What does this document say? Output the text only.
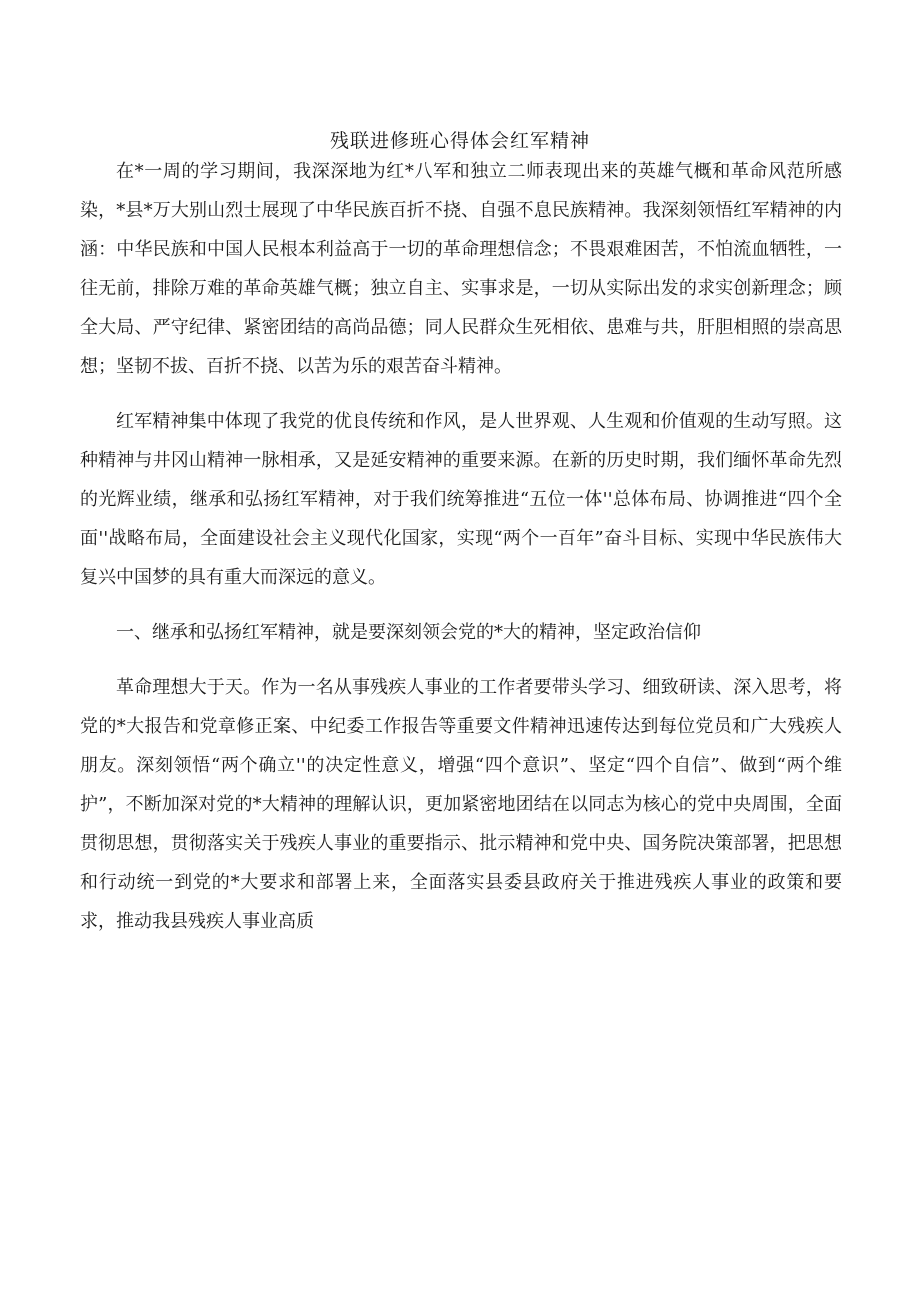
残联进修班心得体会红军精神

在*一周的学习期间，我深深地为红*八军和独立二师表现出来的英雄气概和革命风范所感染，*县*万大别山烈士展现了中华民族百折不挠、自强不息民族精神。我深刻领悟红军精神的内涵：中华民族和中国人民根本利益高于一切的革命理想信念；不畏艰难困苦，不怕流血牺牲，一往无前，排除万难的革命英雄气概；独立自主、实事求是，一切从实际出发的求实创新理念；顾全大局、严守纪律、紧密团结的高尚品德；同人民群众生死相依、患难与共，肝胆相照的崇高思想；坚韧不拔、百折不挠、以苦为乐的艰苦奋斗精神。

红军精神集中体现了我党的优良传统和作风，是人世界观、人生观和价值观的生动写照。这种精神与井冈山精神一脉相承，又是延安精神的重要来源。在新的历史时期，我们缅怀革命先烈的光辉业绩，继承和弘扬红军精神，对于我们统筹推进“五位一体''总体布局、协调推进“四个全面''战略布局，全面建设社会主义现代化国家，实现“两个一百年”奋斗目标、实现中华民族伟大复兴中国梦的具有重大而深远的意义。

一、继承和弘扬红军精神，就是要深刻领会党的*大的精神，坚定政治信仰

革命理想大于天。作为一名从事残疾人事业的工作者要带头学习、细致研读、深入思考，将党的*大报告和党章修正案、中纪委工作报告等重要文件精神迅速传达到每位党员和广大残疾人朋友。深刻领悟“两个确立''的决定性意义，增强“四个意识”、坚定“四个自信”、做到“两个维护”，不断加深对党的*大精神的理解认识，更加紧密地团结在以同志为核心的党中央周围，全面贯彻思想，贯彻落实关于残疾人事业的重要指示、批示精神和党中央、国务院决策部署，把思想和行动统一到党的*大要求和部署上来，全面落实县委县政府关于推进残疾人事业的政策和要求，推动我县残疾人事业高质
